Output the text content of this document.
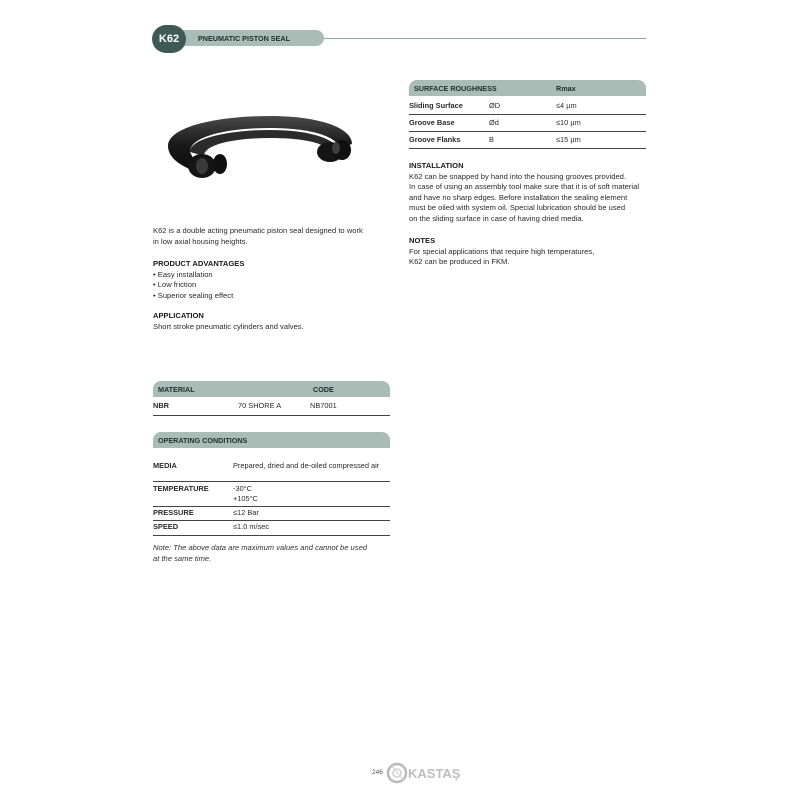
PNEUMATIC PISTON SEAL
K62
K62 is a double acting pneumatic piston seal designed to work
in low axial housing heights.
PRODUCT ADVANTAGES
• Easy installation
• Low friction
• Superior sealing effect
APPLICATION
Short stroke pneumatic cylinders and valves.
MATERIAL	CODE
NBR	70 SHORE A	NB7001
OPERATING CONDITIONS
MEDIA	Prepared, dried and de-oiled compressed air
TEMPERATURE	-30°C
+105°C
PRESSURE	≤12 Bar
SPEED	≤1.0 m/sec
Note: The above data are maximum values and cannot be used
at the same time.
SURFACE ROUGHNESS	Rmax
Sliding Surface	ØD	≤4 µm
Groove Base	Ød	≤10 µm
Groove Flanks	B	≤15 µm
INSTALLATION
K62 can be snapped by hand into the housing grooves provided.
In case of using an assembly tool make sure that it is of soft material
and have no sharp edges. Before installation the sealing element
must be oiled with system oil. Special lubrication should be used
on the sliding surface in case of having dried media.
NOTES
For special applications that require high temperatures,
K62 can be produced in FKM.
246 KASTAŞ
